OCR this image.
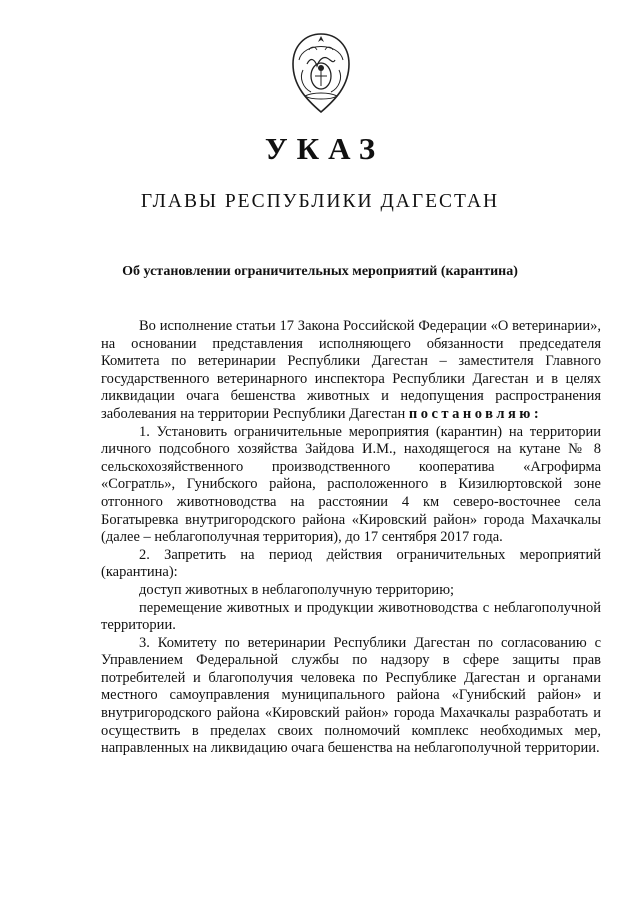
УКАЗ
ГЛАВЫ РЕСПУБЛИКИ ДАГЕСТАН
Об установлении ограничительных мероприятий (карантина)

Во исполнение статьи 17 Закона Российской Федерации «О ветеринарии», на основании представления исполняющего обязанности председателя Комитета по ветеринарии Республики Дагестан – заместителя Главного государственного ветеринарного инспектора Республики Дагестан и в целях ликвидации очага бешенства животных и недопущения распространения заболевания на территории Республики Дагестан постановляю:

1. Установить ограничительные мероприятия (карантин) на территории личного подсобного хозяйства Зайдова И.М., находящегося на кутане № 8 сельскохозяйственного производственного кооператива «Агрофирма «Согратль», Гунибского района, расположенного в Кизилюртовской зоне отгонного животноводства на расстоянии 4 км северо-восточнее села Богатыревка внутригородского района «Кировский район» города Махачкалы (далее – неблагополучная территория), до 17 сентября 2017 года.

2. Запретить на период действия ограничительных мероприятий (карантина):

доступ животных в неблагополучную территорию;

перемещение животных и продукции животноводства с неблагополучной территории.

3. Комитету по ветеринарии Республики Дагестан по согласованию с Управлением Федеральной службы по надзору в сфере защиты прав потребителей и благополучия человека по Республике Дагестан и органами местного самоуправления муниципального района «Гунибский район» и внутригородского района «Кировский район» города Махачкалы разработать и осуществить в пределах своих полномочий комплекс необходимых мер, направленных на ликвидацию очага бешенства на неблагополучной территории.
